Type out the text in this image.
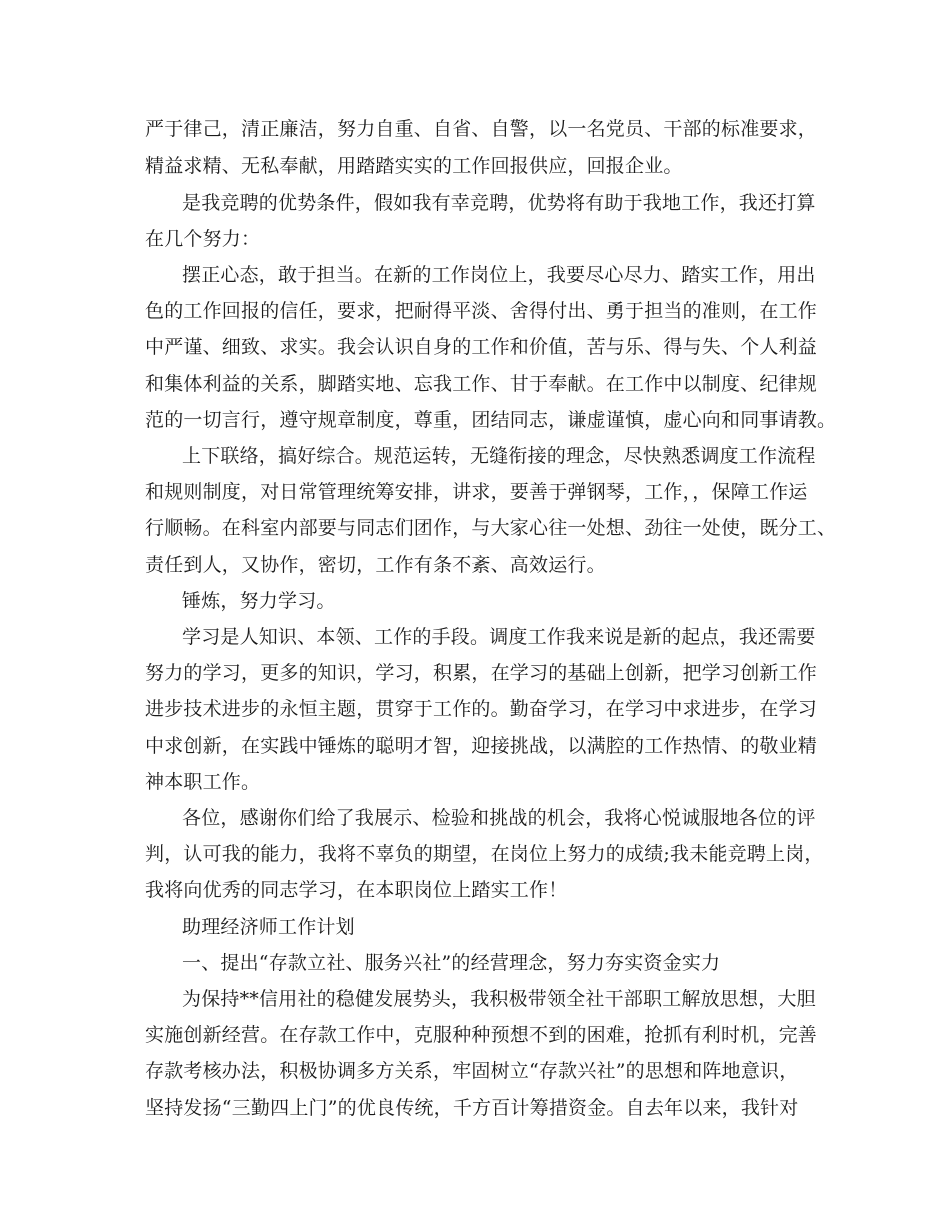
严于律己，清正廉洁，努力自重、自省、自警，以一名党员、干部的标准要求，
精益求精、无私奉献，用踏踏实实的工作回报供应，回报企业。
是我竞聘的优势条件，假如我有幸竞聘，优势将有助于我地工作，我还打算
在几个努力：
摆正心态，敢于担当。在新的工作岗位上，我要尽心尽力、踏实工作，用出
色的工作回报的信任，要求，把耐得平淡、舍得付出、勇于担当的准则，在工作
中严谨、细致、求实。我会认识自身的工作和价值，苦与乐、得与失、个人利益
和集体利益的关系，脚踏实地、忘我工作、甘于奉献。在工作中以制度、纪律规
范的一切言行，遵守规章制度，尊重，团结同志，谦虚谨慎，虚心向和同事请教。
上下联络，搞好综合。规范运转，无缝衔接的理念，尽快熟悉调度工作流程
和规则制度，对日常管理统筹安排，讲求，要善于弹钢琴，工作，，保障工作运
行顺畅。在科室内部要与同志们团作，与大家心往一处想、劲往一处使，既分工、
责任到人，又协作，密切，工作有条不紊、高效运行。
锤炼，努力学习。
学习是人知识、本领、工作的手段。调度工作我来说是新的起点，我还需要
努力的学习，更多的知识，学习，积累，在学习的基础上创新，把学习创新工作
进步技术进步的永恒主题，贯穿于工作的。勤奋学习，在学习中求进步，在学习
中求创新，在实践中锤炼的聪明才智，迎接挑战，以满腔的工作热情、的敬业精
神本职工作。
各位，感谢你们给了我展示、检验和挑战的机会，我将心悦诚服地各位的评
判，认可我的能力，我将不辜负的期望，在岗位上努力的成绩;我未能竞聘上岗，
我将向优秀的同志学习，在本职岗位上踏实工作！
助理经济师工作计划
一、提出“存款立社、服务兴社”的经营理念，努力夯实资金实力
为保持**信用社的稳健发展势头，我积极带领全社干部职工解放思想，大胆
实施创新经营。在存款工作中，克服种种预想不到的困难，抢抓有利时机，完善
存款考核办法，积极协调多方关系，牢固树立“存款兴社”的思想和阵地意识，
坚持发扬“三勤四上门”的优良传统，千方百计筹措资金。自去年以来，我针对
